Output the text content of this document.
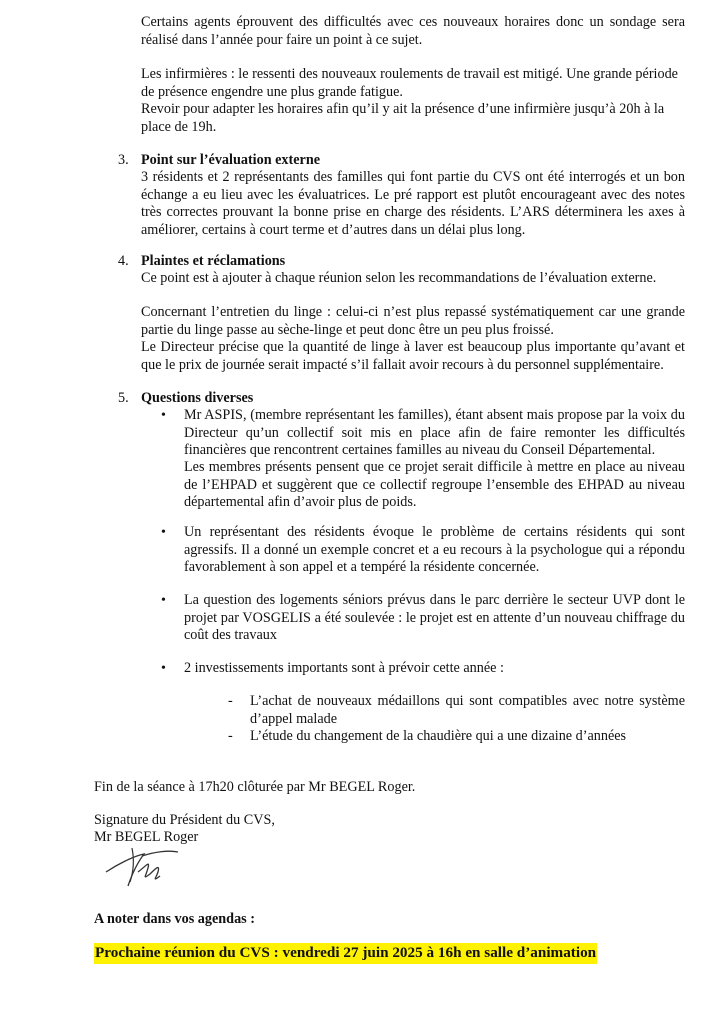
Certains agents éprouvent des difficultés avec ces nouveaux horaires donc un sondage sera réalisé dans l’année pour faire un point à ce sujet.

Les infirmières : le ressenti des nouveaux roulements de travail est mitigé. Une grande période de présence engendre une plus grande fatigue.

Revoir pour adapter les horaires afin qu’il y ait la présence d’une infirmière jusqu’à 20h à la place de 19h.

3. Point sur l’évaluation externe

3 résidents et 2 représentants des familles qui font partie du CVS ont été interrogés et un bon échange a eu lieu avec les évaluatrices. Le pré rapport est plutôt encourageant avec des notes très correctes prouvant la bonne prise en charge des résidents. L’ARS déterminera les axes à améliorer, certains à court terme et d’autres dans un délai plus long.

4. Plaintes et réclamations

Ce point est à ajouter à chaque réunion selon les recommandations de l’évaluation externe.

Concernant l’entretien du linge : celui-ci n’est plus repassé systématiquement car une grande partie du linge passe au sèche-linge et peut donc être un peu plus froissé.

Le Directeur précise que la quantité de linge à laver est beaucoup plus importante qu’avant et que le prix de journée serait impacté s’il fallait avoir recours à du personnel supplémentaire.

5. Questions diverses

• Mr ASPIS, (membre représentant les familles), étant absent mais propose par la voix du Directeur qu’un collectif soit mis en place afin de faire remonter les difficultés financières que rencontrent certaines familles au niveau du Conseil Départemental.

Les membres présents pensent que ce projet serait difficile à mettre en place au niveau de l’EHPAD et suggèrent que ce collectif regroupe l’ensemble des EHPAD au niveau départemental afin d’avoir plus de poids.

• Un représentant des résidents évoque le problème de certains résidents qui sont agressifs. Il a donné un exemple concret et a eu recours à la psychologue qui a répondu favorablement à son appel et a tempéré la résidente concernée.

• La question des logements séniors prévus dans le parc derrière le secteur UVP dont le projet par VOSGELIS a été soulevée : le projet est en attente d’un nouveau chiffrage du coût des travaux

• 2 investissements importants sont à prévoir cette année :

- L’achat de nouveaux médaillons qui sont compatibles avec notre système d’appel malade

- L’étude du changement de la chaudière qui a une dizaine d’années

Fin de la séance à 17h20 clôturée par Mr BEGEL Roger.

Signature du Président du CVS,

Mr BEGEL Roger

A noter dans vos agendas :

Prochaine réunion du CVS : vendredi 27 juin 2025 à 16h en salle d’animation
